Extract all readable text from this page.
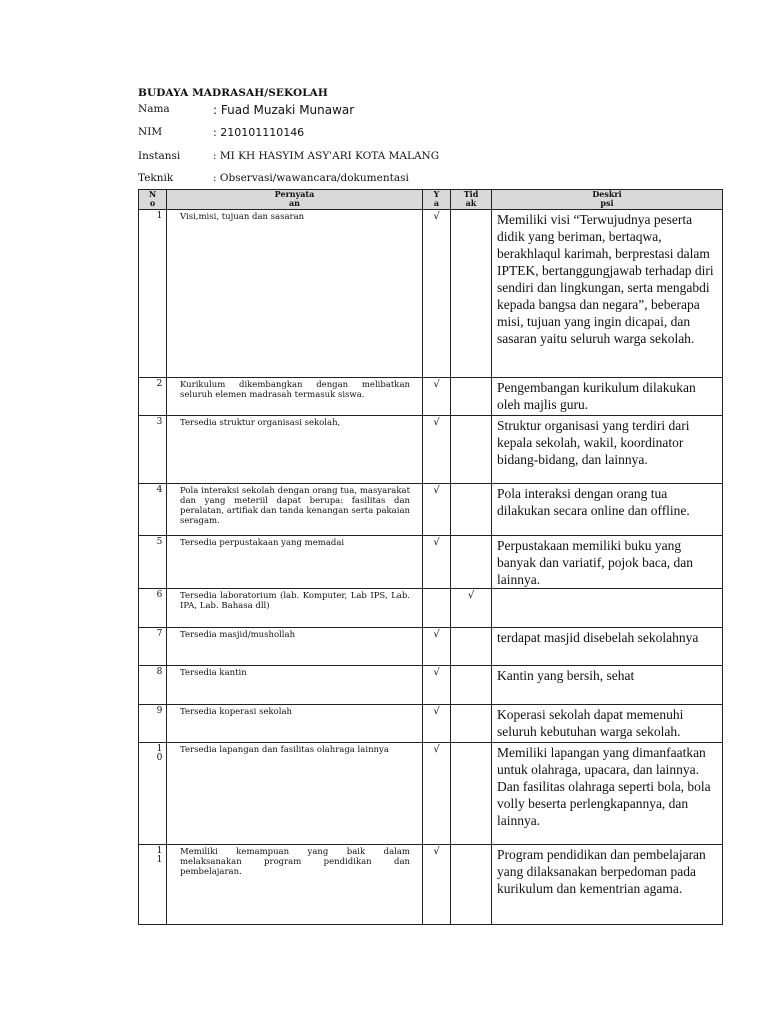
BUDAYA MADRASAH/SEKOLAH
Nama	: Fuad Muzaki Munawar
NIM	: 210101110146
Instansi	: MI KH HASYIM ASY'ARI KOTA MALANG
Teknik	: Observasi/wawancara/dokumentasi
N o	Pernyata an	Y a	Tid ak	Deskri psi

1	Visi,misi, tujuan dan sasaran	√		Memiliki visi “Terwujudnya peserta didik yang beriman, bertaqwa, berakhlaqul karimah, berprestasi dalam IPTEK, bertanggungjawab terhadap diri sendiri dan lingkungan, serta mengabdi kepada bangsa dan negara”, beberapa misi, tujuan yang ingin dicapai, dan sasaran yaitu seluruh warga sekolah.

2	Kurikulum dikembangkan dengan melibatkan seluruh elemen madrasah termasuk siswa.	√		Pengembangan kurikulum dilakukan oleh majlis guru.

3	Tersedia struktur organisasi sekolah,	√		Struktur organisasi yang terdiri dari kepala sekolah, wakil, koordinator bidang-bidang, dan lainnya.

4	Pola interaksi sekolah dengan orang tua, masyarakat dan yang meteriil dapat berupa: fasilitas dan peralatan, artifiak dan tanda kenangan serta pakaian seragam.	√		Pola interaksi dengan orang tua dilakukan secara online dan offline.

5	Tersedia perpustakaan yang memadai	√		Perpustakaan memiliki buku yang banyak dan variatif, pojok baca, dan lainnya.

6	Tersedia laboratorium (lab. Komputer, Lab IPS, Lab. IPA, Lab. Bahasa dll)		√	

7	Tersedia masjid/mushollah	√		terdapat masjid disebelah sekolahnya

8	Tersedia kantin	√		Kantin yang bersih, sehat

9	Tersedia koperasi sekolah	√		Koperasi sekolah dapat memenuhi seluruh kebutuhan warga sekolah.

1 0	Tersedia lapangan dan fasilitas olahraga lainnya	√		Memiliki lapangan yang dimanfaatkan untuk olahraga, upacara, dan lainnya. Dan fasilitas olahraga seperti bola, bola volly beserta perlengkapannya, dan lainnya.

1 1	Memiliki kemampuan yang baik dalam melaksanakan program pendidikan dan pembelajaran.	√		Program pendidikan dan pembelajaran yang dilaksanakan berpedoman pada kurikulum dan kementrian agama.
